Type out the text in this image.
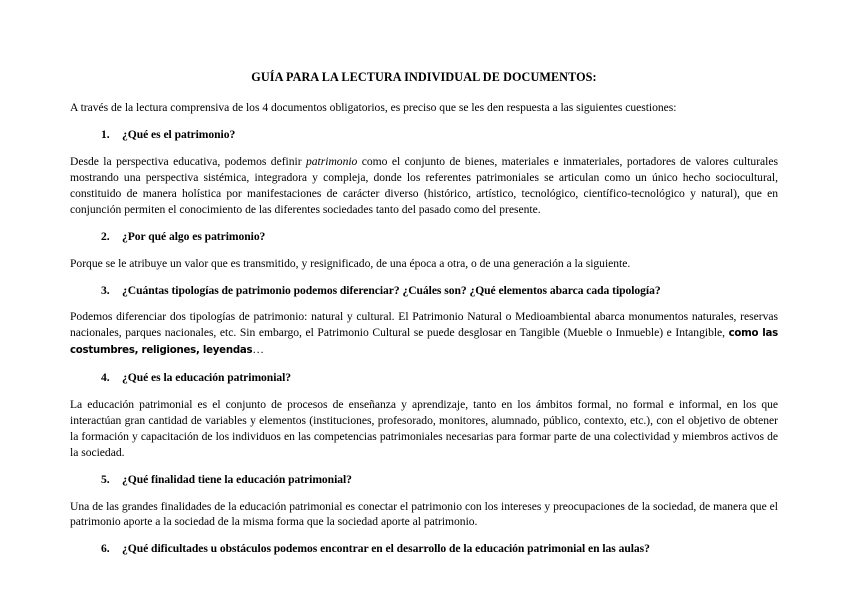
GUÍA PARA LA LECTURA INDIVIDUAL DE DOCUMENTOS:

A través de la lectura comprensiva de los 4 documentos obligatorios, es preciso que se les den respuesta a las siguientes cuestiones:

1.	¿Qué es el patrimonio?

Desde la perspectiva educativa, podemos definir patrimonio como el conjunto de bienes, materiales e inmateriales, portadores de valores culturales mostrando una perspectiva sistémica, integradora y compleja, donde los referentes patrimoniales se articulan como un único hecho sociocultural, constituido de manera holística por manifestaciones de carácter diverso (histórico, artístico, tecnológico, científico-tecnológico y natural), que en conjunción permiten el conocimiento de las diferentes sociedades tanto del pasado como del presente.

2.	¿Por qué algo es patrimonio?

Porque se le atribuye un valor que es transmitido, y resignificado, de una época a otra, o de una generación a la siguiente.

3.	¿Cuántas tipologías de patrimonio podemos diferenciar? ¿Cuáles son? ¿Qué elementos abarca cada tipología?

Podemos diferenciar dos tipologías de patrimonio: natural y cultural. El Patrimonio Natural o Medioambiental abarca monumentos naturales, reservas nacionales, parques nacionales, etc. Sin embargo, el Patrimonio Cultural se puede desglosar en Tangible (Mueble o Inmueble) e Intangible, como las costumbres, religiones, leyendas…

4.	¿Qué es la educación patrimonial?

La educación patrimonial es el conjunto de procesos de enseñanza y aprendizaje, tanto en los ámbitos formal, no formal e informal, en los que interactúan gran cantidad de variables y elementos (instituciones, profesorado, monitores, alumnado, público, contexto, etc.), con el objetivo de obtener la formación y capacitación de los individuos en las competencias patrimoniales necesarias para formar parte de una colectividad y miembros activos de la sociedad.

5.	¿Qué finalidad tiene la educación patrimonial?

Una de las grandes finalidades de la educación patrimonial es conectar el patrimonio con los intereses y preocupaciones de la sociedad, de manera que el patrimonio aporte a la sociedad de la misma forma que la sociedad aporte al patrimonio.

6.	¿Qué dificultades u obstáculos podemos encontrar en el desarrollo de la educación patrimonial en las aulas?
